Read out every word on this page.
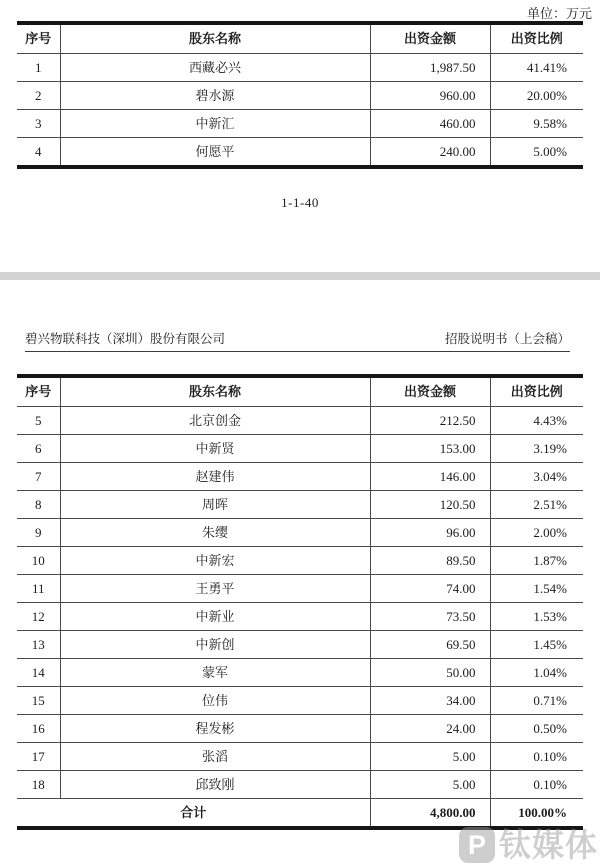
单位：万元
序号	股东名称	出资金额	出资比例
1	西藏必兴	1,987.50	41.41%
2	碧水源	960.00	20.00%
3	中新汇	460.00	9.58%
4	何愿平	240.00	5.00%
1-1-40
碧兴物联科技（深圳）股份有限公司	招股说明书（上会稿）
序号	股东名称	出资金额	出资比例
5	北京创金	212.50	4.43%
6	中新贤	153.00	3.19%
7	赵建伟	146.00	3.04%
8	周晖	120.50	2.51%
9	朱缨	96.00	2.00%
10	中新宏	89.50	1.87%
11	王勇平	74.00	1.54%
12	中新业	73.50	1.53%
13	中新创	69.50	1.45%
14	蒙军	50.00	1.04%
15	位伟	34.00	0.71%
16	程发彬	24.00	0.50%
17	张滔	5.00	0.10%
18	邱致刚	5.00	0.10%
合计		4,800.00	100.00%
P 钛媒体
